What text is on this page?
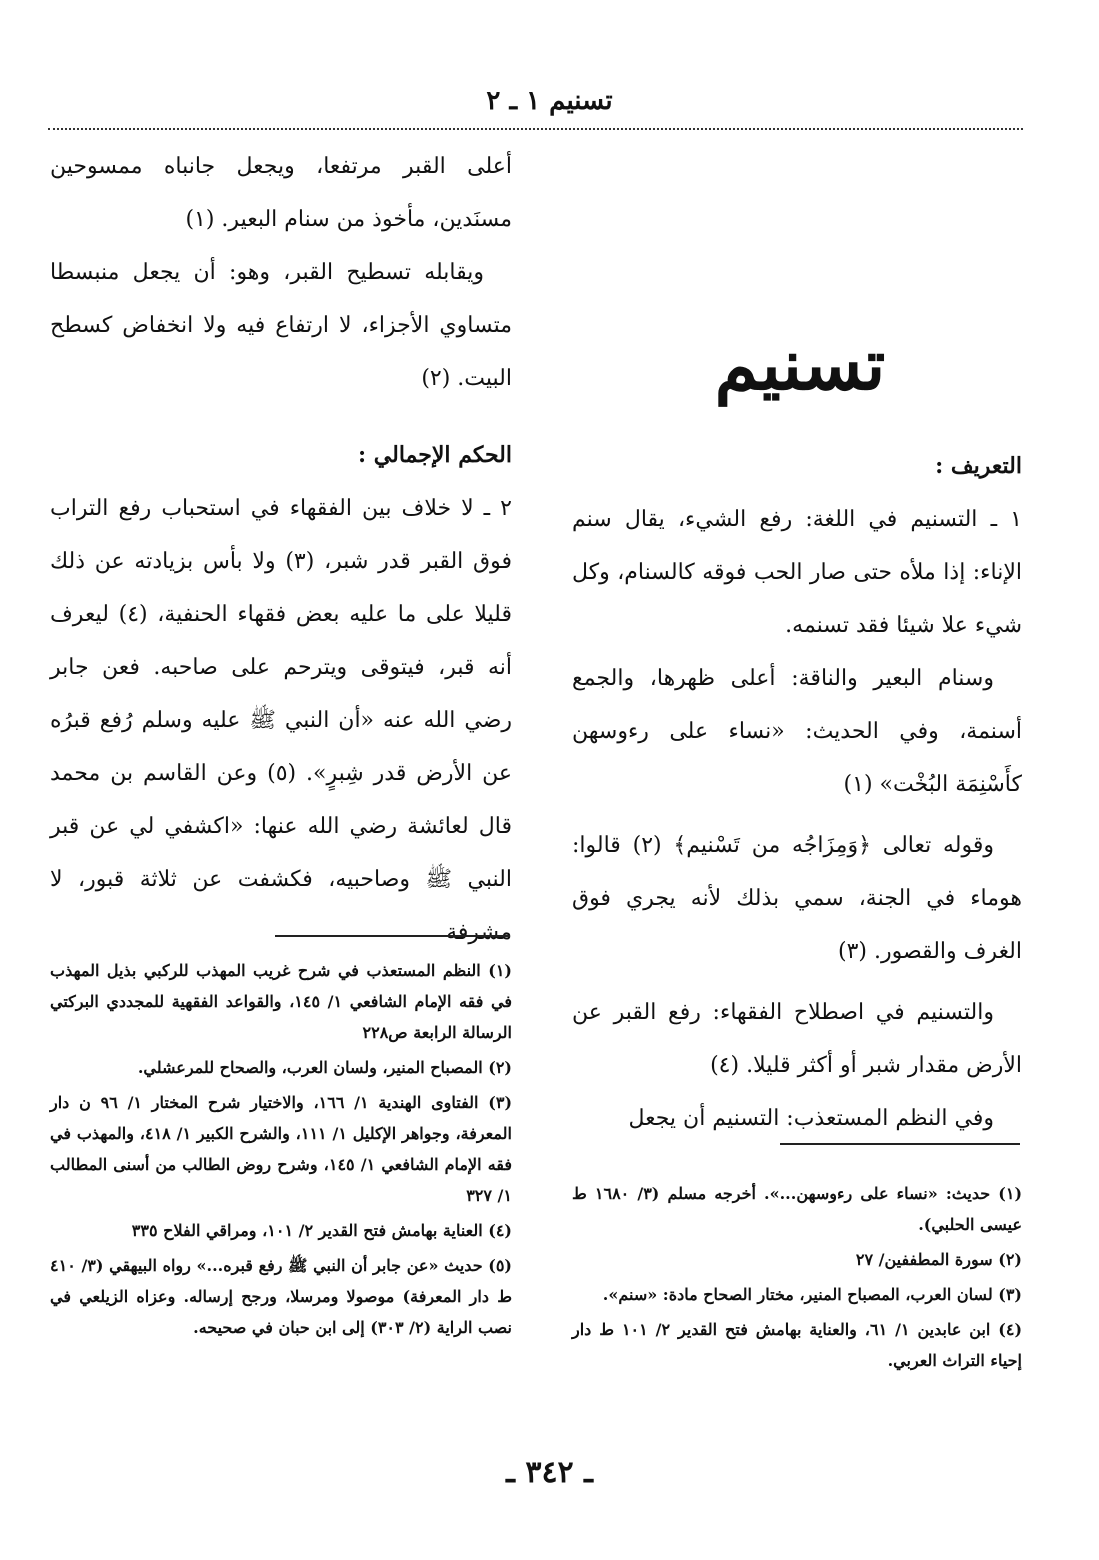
تسنيم ١ ـ ٢

أعلى القبر مرتفعا، ويجعل جانباه ممسوحين مسنَدين، مأخوذ من سنام البعير. (١)

ويقابله تسطيح القبر، وهو: أن يجعل منبسطا متساوي الأجزاء، لا ارتفاع فيه ولا انخفاض كسطح البيت. (٢)

الحكم الإجمالي :

٢ ـ لا خلاف بين الفقهاء في استحباب رفع التراب فوق القبر قدر شبر، (٣) ولا بأس بزيادته عن ذلك قليلا على ما عليه بعض فقهاء الحنفية، (٤) ليعرف أنه قبر، فيتوقى ويترحم على صاحبه. فعن جابر رضي الله عنه «أن النبي ﷺ عليه وسلم رُفع قبرُه عن الأرض قدر شِبرٍ». (٥) وعن القاسم بن محمد قال لعائشة رضي الله عنها: «اكشفي لي عن قبر النبي ﷺ وصاحبيه، فكشفت عن ثلاثة قبور، لا مشرفة

تسنيم

التعريف :

١ ـ التسنيم في اللغة: رفع الشيء، يقال سنم الإناء: إذا ملأه حتى صار الحب فوقه كالسنام، وكل شيء علا شيئا فقد تسنمه.

وسنام البعير والناقة: أعلى ظهرها، والجمع أسنمة، وفي الحديث: «نساء على رءوسهن كأَسْنِمَة البُخْت» (١)

وقوله تعالى ﴿وَمِزَاجُه من تَسْنيم﴾ (٢) قالوا: هوماء في الجنة، سمي بذلك لأنه يجري فوق الغرف والقصور. (٣)

والتسنيم في اصطلاح الفقهاء: رفع القبر عن الأرض مقدار شبر أو أكثر قليلا. (٤)

وفي النظم المستعذب: التسنيم أن يجعل

(١) النظم المستعذب في شرح غريب المهذب للركبي بذيل المهذب في فقه الإمام الشافعي ١/ ١٤٥، والقواعد الفقهية للمجددي البركتي الرسالة الرابعة ص٢٢٨

(٢) المصباح المنير، ولسان العرب، والصحاح للمرعشلي.

(٣) الفتاوى الهندية ١/ ١٦٦، والاختيار شرح المختار ١/ ٩٦ ن دار المعرفة، وجواهر الإكليل ١/ ١١١، والشرح الكبير ١/ ٤١٨، والمهذب في فقه الإمام الشافعي ١/ ١٤٥، وشرح روض الطالب من أسنى المطالب ١/ ٣٢٧

(٤) العناية بهامش فتح القدير ٢/ ١٠١، ومراقي الفلاح ٣٣٥

(٥) حديث «عن جابر أن النبي ﷺ رفع قبره...» رواه البيهقي (٣/ ٤١٠ ط دار المعرفة) موصولا ومرسلا، ورجح إرساله. وعزاه الزيلعي في نصب الراية (٢/ ٣٠٣) إلى ابن حبان في صحيحه.

(١) حديث: «نساء على رءوسهن...». أخرجه مسلم (٣/ ١٦٨٠ ط عيسى الحلبي).

(٢) سورة المطففين/ ٢٧

(٣) لسان العرب، المصباح المنير، مختار الصحاح مادة: «سنم».

(٤) ابن عابدين ١/ ٦١، والعناية بهامش فتح القدير ٢/ ١٠١ ط دار إحياء التراث العربي.

ـ ٣٤٢ ـ
